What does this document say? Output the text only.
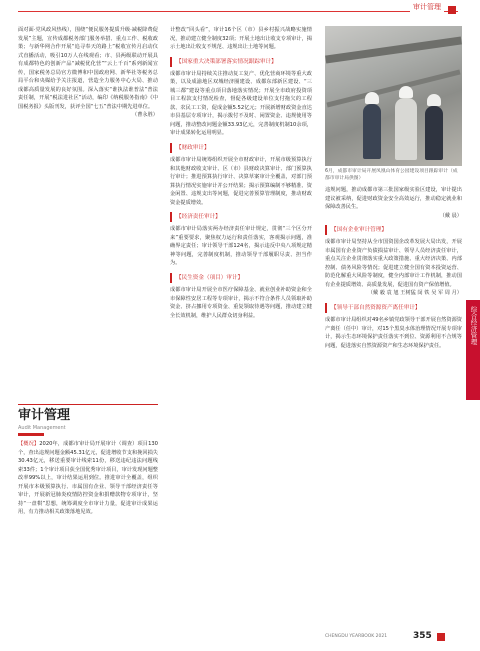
审计管理

面对面·党风政风热线），围绕“便民服务提质升级·减税降费促发展”主题，宣传成都税务部门服务举措、重点工作、税收政策；与新华网合作开展“追寻奉天的路上”税收宣传月启动仪式直播活动，吸引10万人在线观看；市、县两级联动开展具有成都特色的创新产品“减税优化营”“云上千百”系列新闻宣传，国家税务总局官方微博和中国政府网、新华社等税务总局平台和央媒给予关注报道，营造全力服务中心大局、推动成都高质量发展的良好氛围。深入落实“谁执法谁普法”普法责任制，开展“税法进社区”活动，编印《纳税服务指南》《中国税务报》头版刊发，获评全国“七五”普法中期先进单位。

（曹永胜）

审计管理
Audit Management

【概况】2020年，成都市审计局开展审计（调查）项目130个，查出违规问题金额45.31亿元，促进增收节支和挽回损失30.43亿元，移送重要审计线索11份，移送违纪违法问题线索33件；1个审计项目获全国优秀审计项目，审计发现问题整改率99%以上，审计结果运用到位。推进审计全覆盖，组织开展市本级预算执行、市属国有企业、领导干部经济责任等审计，开展新冠肺炎疫情防控资金和捐赠款物专项审计，坚持“一盘棋”思想，统筹调度全市审计力量，促进审计成果运用，有力推动相关政策落地见效。

计整改“回头看”，审计16个区（市）县乡村振兴战略实施情况，推动建立健全制度32项；开展土地出让收支专项审计，揭示土地出让收支不规范、违规出让土地等问题。

【国家重大决策部署落实情况跟踪审计】

成都市审计局持续关注推动复工复产、优化营商环境等重大政策，以及成渝地区双城经济圈建设、成都东部新区建设、“三城三都”建设等重点项目落地落实情况；开展全市政府投资项目工程款支付情况检查，督促各级建设单位支付拖欠的工程款、农民工工资，促成金额5.52亿元；开展新增财政资金直达市县基层专项审计，揭示拨付不及时、闲置资金、违规使用等问题，推动整改问题金额33.93亿元，完善制度机制10余项，审计成果转化运用明显。

【财政审计】

成都市审计局统筹组织开展全市财政审计，开展市级预算执行和其他财政收支审计、区（市）县财政决算审计、部门预算执行审计；推进预算执行审计、决算草案审计全覆盖，对部门预算执行情况实施审计并公开结果；揭示预算编制不够精准、资金闲置、违规支出等问题，促进完善预算管理制度，推动财政资金提质增效。

【经济责任审计】

成都市审计局落实两办经济责任审计规定，贯彻“三个区分开来”重要要求，聚焦权力运行和责任落实，客观揭示问题，准确界定责任；审计领导干部124名，揭示违反中央八项规定精神等问题，完善制度机制，推动领导干部履职尽责、担当作为。

【民生资金（项目）审计】

成都市审计局开展全市医疗保障基金、就业创业补助资金和全市保障性安居工程等专项审计，揭示不符合条件人员领取补助资金、挤占挪用专项资金、重复领取待遇等问题，推动建立健全长效机制，维护人民群众切身利益。

6月，成都市审计局开展凤凰山体育公园建设项目跟踪审计（成都市审计局供图）

违规问题，推动成都市第三批国家级实验区建设，审计提出建议被采纳，促进财政资金安全高效运行，推动稳定就业和保障改善民生。

（戴 晨）

【国有企业审计管理】

成都市审计局坚持从全市国资国企改革发展大局出发，开展市属国有企业资产负债损益审计、领导人员经济责任审计，重点关注企业贯彻落实重大政策措施、重大经济决策、内部控制、债务风险等情况；促进建立健全国有资本投资运营、防范化解重大风险等制度，健全内部审计工作机制，推动国有企业提质增效、高质量发展，促进国有资产保值增值。

（戴 毅 袁 旭 王树猛 闵 铁 吴 军 周 月）

【领导干部自然资源资产离任审计】

成都市审计局组织对49名乡镇党政领导干部开展自然资源资产离任（任中）审计，对15个黑臭水体治理情况开展专项审计，揭示生态环境保护责任落实不到位、资源利用不合规等问题，促进落实自然资源资产和生态环境保护责任。

综合经济管理
CHENGDU YEARBOOK 2021	355
